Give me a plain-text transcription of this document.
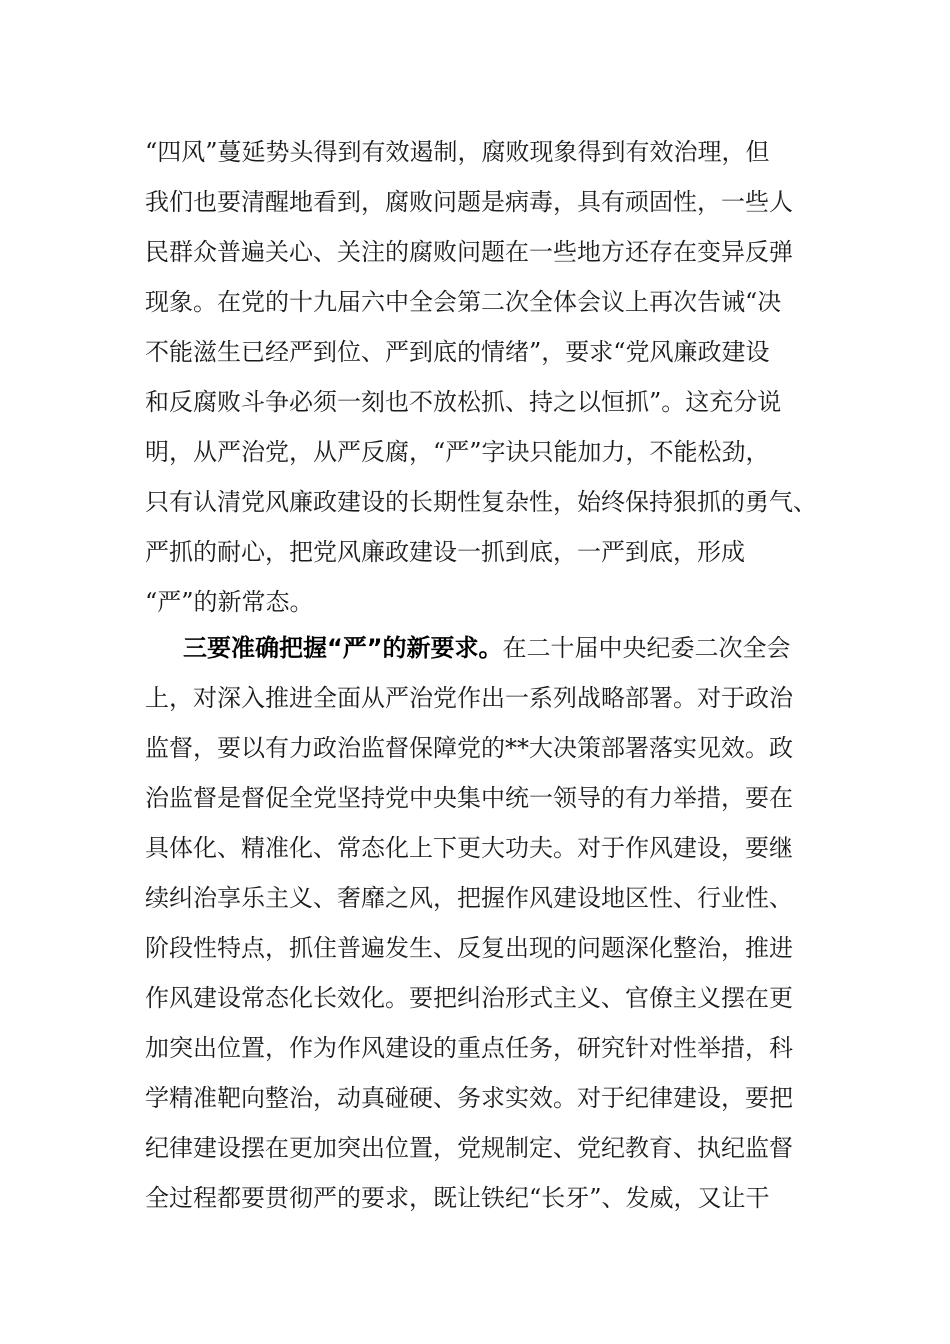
“四风”蔓延势头得到有效遏制，腐败现象得到有效治理，但
我们也要清醒地看到，腐败问题是病毒，具有顽固性，一些人
民群众普遍关心、关注的腐败问题在一些地方还存在变异反弹
现象。在党的十九届六中全会第二次全体会议上再次告诫“决
不能滋生已经严到位、严到底的情绪”，要求“党风廉政建设
和反腐败斗争必须一刻也不放松抓、持之以恒抓”。这充分说
明，从严治党，从严反腐，“严”字诀只能加力，不能松劲，
只有认清党风廉政建设的长期性复杂性，始终保持狠抓的勇气、
严抓的耐心，把党风廉政建设一抓到底，一严到底，形成
“严”的新常态。
三要准确把握“严”的新要求。在二十届中央纪委二次全会
上，对深入推进全面从严治党作出一系列战略部署。对于政治
监督，要以有力政治监督保障党的**大决策部署落实见效。政
治监督是督促全党坚持党中央集中统一领导的有力举措，要在
具体化、精准化、常态化上下更大功夫。对于作风建设，要继
续纠治享乐主义、奢靡之风，把握作风建设地区性、行业性、
阶段性特点，抓住普遍发生、反复出现的问题深化整治，推进
作风建设常态化长效化。要把纠治形式主义、官僚主义摆在更
加突出位置，作为作风建设的重点任务，研究针对性举措，科
学精准靶向整治，动真碰硬、务求实效。对于纪律建设，要把
纪律建设摆在更加突出位置，党规制定、党纪教育、执纪监督
全过程都要贯彻严的要求，既让铁纪“长牙”、发威，又让干
